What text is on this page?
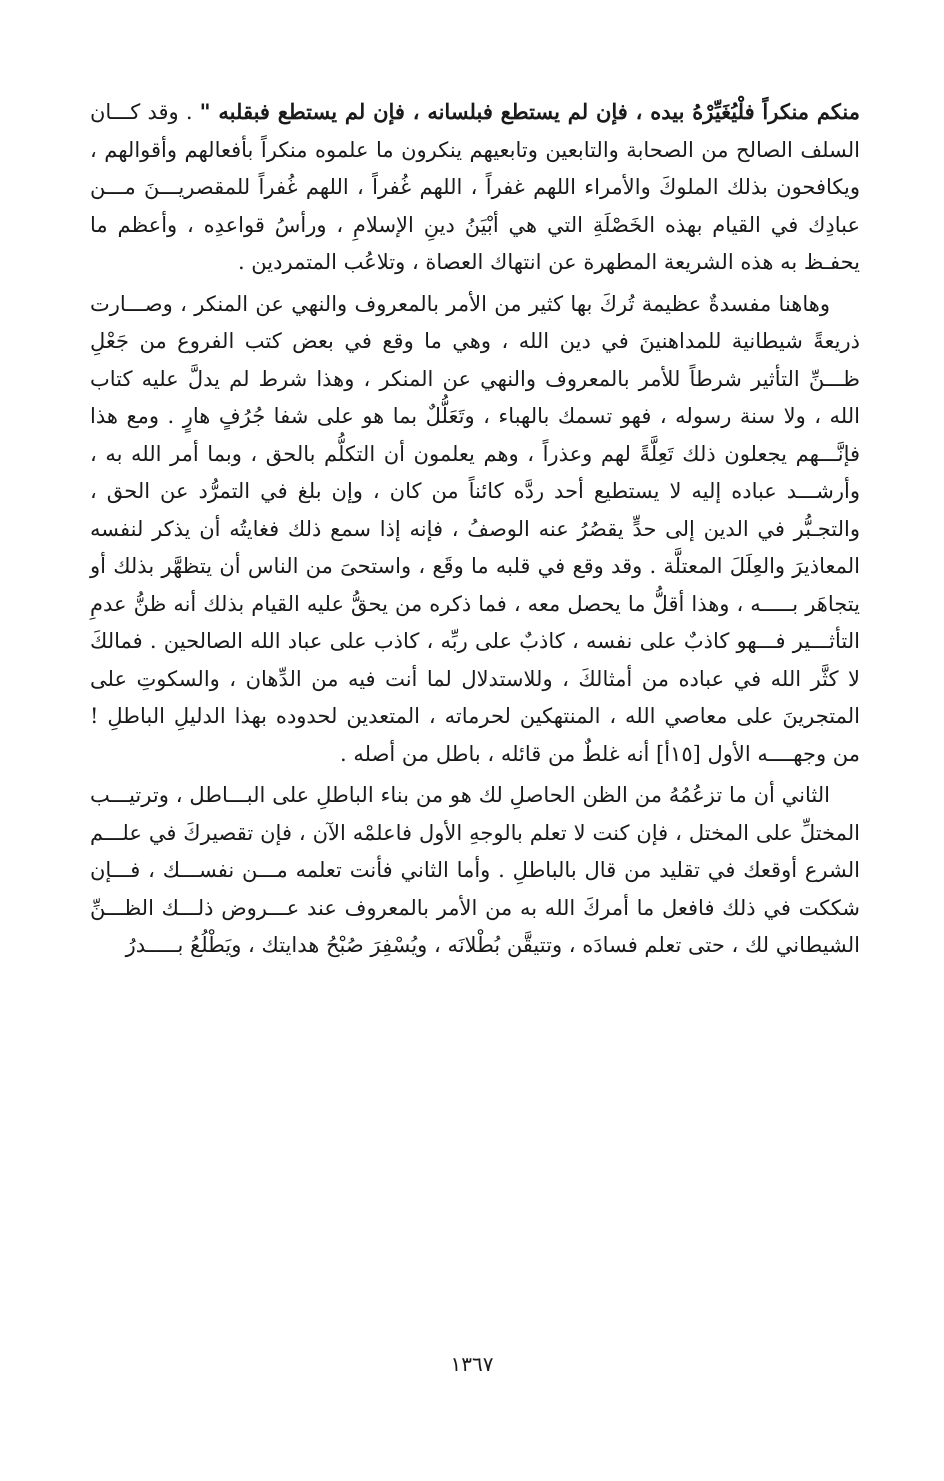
منكم منكراً فلْيُغَيِّرْهُ بيده ، فإن لم يستطع فبلسانه ، فإن لم يستطع فبقلبه " . وقد كـــان السلف الصالح من الصحابة والتابعين وتابعيهم ينكرون ما علموه منكراً بأفعالهم وأقوالهم ، ويكافحون بذلك الملوكَ والأمراء اللهم غفراً ، اللهم غُفراً ، اللهم غُفراً للمقصريـــنَ مـــن عبادِك في القيام بهذه الخَصْلَةِ التي هي أبْيَنُ دينِ الإسلامِ ، ورأسُ قواعدِه ، وأعظم ما يحفـظ به هذه الشريعة المطهرة عن انتهاك العصاة ، وتلاعُب المتمردين .

وهاهنا مفسدةٌ عظيمة تُركَ بها كثير من الأمر بالمعروف والنهي عن المنكر ، وصـــارت ذريعةً شيطانية للمداهنينَ في دين الله ، وهي ما وقع في بعض كتب الفروع من جَعْلِ ظـــنِّ التأثير شرطاً للأمر بالمعروف والنهي عن المنكر ، وهذا شرط لم يدلَّ عليه كتاب الله ، ولا سنة رسوله ، فهو تسمك بالهباء ، وتَعَلُّلٌ بما هو على شفا جُرُفٍ هارٍ . ومع هذا فإنَّـــهم يجعلون ذلك تَعِلَّةً لهم وعذراً ، وهم يعلمون أن التكلُّم بالحق ، وبما أمر الله به ، وأرشـــد عباده إليه لا يستطيع أحد ردَّه كائناً من كان ، وإن بلغ في التمرُّد عن الحق ، والتجـبُّر في الدين إلى حدٍّ يقصُرُ عنه الوصفُ ، فإنه إذا سمع ذلك فغايتُه أن يذكر لنفسه المعاذيرَ والعِلَلَ المعتلَّة . وقد وقع في قلبه ما وقَع ، واستحىَ من الناس أن يتظهَّر بذلك أو يتجاهَر بـــــه ، وهذا أقلُّ ما يحصل معه ، فما ذكره من يحقُّ عليه القيام بذلك أنه ظنُّ عدمِ التأثـــير فـــهو كاذبٌ على نفسه ، كاذبٌ على ربِّه ، كاذب على عباد الله الصالحين . فمالكَ لا كثَّر الله في عباده من أمثالكَ ، وللاستدلال لما أنت فيه من الدِّهان ، والسكوتِ على المتجرينَ على معاصي الله ، المنتهكين لحرماته ، المتعدين لحدوده بهذا الدليلِ الباطلِ ! من وجهــــه الأول [١٥أ] أنه غلطٌ من قائله ، باطل من أصله .

الثاني أن ما تزعُمُهُ من الظن الحاصلِ لك هو من بناء الباطلِ على البـــاطل ، وترتيـــب المختلِّ على المختل ، فإن كنت لا تعلم بالوجهِ الأول فاعلمْه الآن ، فإن تقصيركَ في علـــم الشرع أوقعك في تقليد من قال بالباطلِ . وأما الثاني فأنت تعلمه مـــن نفســـك ، فـــإن شككت في ذلك فافعل ما أمركَ الله به من الأمر بالمعروف عند عـــروض ذلـــك الظـــنِّ الشيطاني لك ، حتى تعلم فسادَه ، وتتيقَّن بُطْلانَه ، ويُسْفِرَ صُبْحُ هدايتك ، ويَطْلُعُ بـــــدرُ

١٣٦٧
